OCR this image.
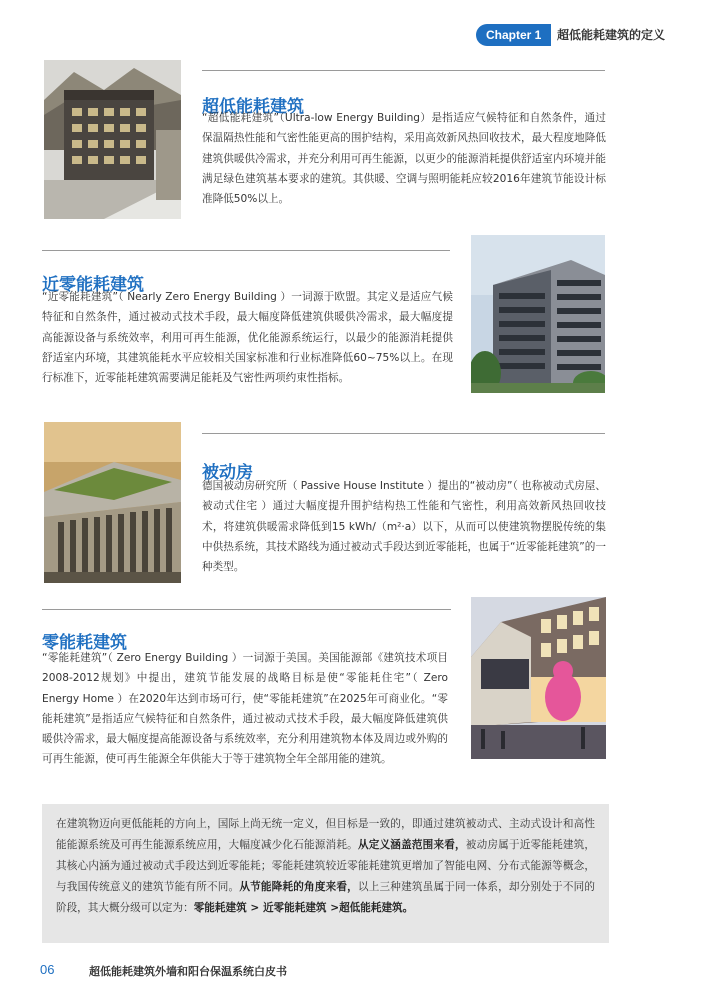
Chapter 1	超低能耗建筑的定义
超低能耗建筑

“超低能耗建筑”（Ultra-low Energy Building）是指适应气候特征和自然条件，通过保温隔热性能和气密性能更高的围护结构，采用高效新风热回收技术，最大程度地降低建筑供暖供冷需求，并充分利用可再生能源，以更少的能源消耗提供舒适室内环境并能满足绿色建筑基本要求的建筑。其供暖、空调与照明能耗应较2016年建筑节能设计标准降低50%以上。

近零能耗建筑

“近零能耗建筑”（ Nearly Zero Energy Building ）一词源于欧盟。其定义是适应气候特征和自然条件，通过被动式技术手段，最大幅度降低建筑供暖供冷需求，最大幅度提高能源设备与系统效率，利用可再生能源，优化能源系统运行，以最少的能源消耗提供舒适室内环境，其建筑能耗水平应较相关国家标准和行业标准降低60~75%以上。在现行标准下，近零能耗建筑需要满足能耗及气密性两项约束性指标。

被动房

德国被动房研究所（ Passive House Institute ）提出的“被动房”（ 也称被动式房屋、被动式住宅 ）通过大幅度提升围护结构热工性能和气密性，利用高效新风热回收技术，将建筑供暖需求降低到15 kWh/（m²·a）以下，从而可以使建筑物摆脱传统的集中供热系统，其技术路线为通过被动式手段达到近零能耗，也属于“近零能耗建筑”的一种类型。

零能耗建筑

“零能耗建筑”（ Zero Energy Building ）一词源于美国。美国能源部《建筑技术项目2008-2012规划》中提出，建筑节能发展的战略目标是使“零能耗住宅”（ Zero Energy Home ）在2020年达到市场可行，使“零能耗建筑”在2025年可商业化。“零能耗建筑”是指适应气候特征和自然条件，通过被动式技术手段，最大幅度降低建筑供暖供冷需求，最大幅度提高能源设备与系统效率，充分利用建筑物本体及周边或外购的可再生能源，使可再生能源全年供能大于等于建筑物全年全部用能的建筑。

在建筑物迈向更低能耗的方向上，国际上尚无统一定义，但目标是一致的，即通过建筑被动式、主动式设计和高性能能源系统及可再生能源系统应用，大幅度减少化石能源消耗。从定义涵盖范围来看，被动房属于近零能耗建筑，其核心内涵为通过被动式手段达到近零能耗；零能耗建筑较近零能耗建筑更增加了智能电网、分布式能源等概念，与我国传统意义的建筑节能有所不同。从节能降耗的角度来看，以上三种建筑虽属于同一体系，却分别处于不同的阶段，其大概分级可以定为：零能耗建筑 > 近零能耗建筑 >超低能耗建筑。
06	超低能耗建筑外墙和阳台保温系统白皮书
